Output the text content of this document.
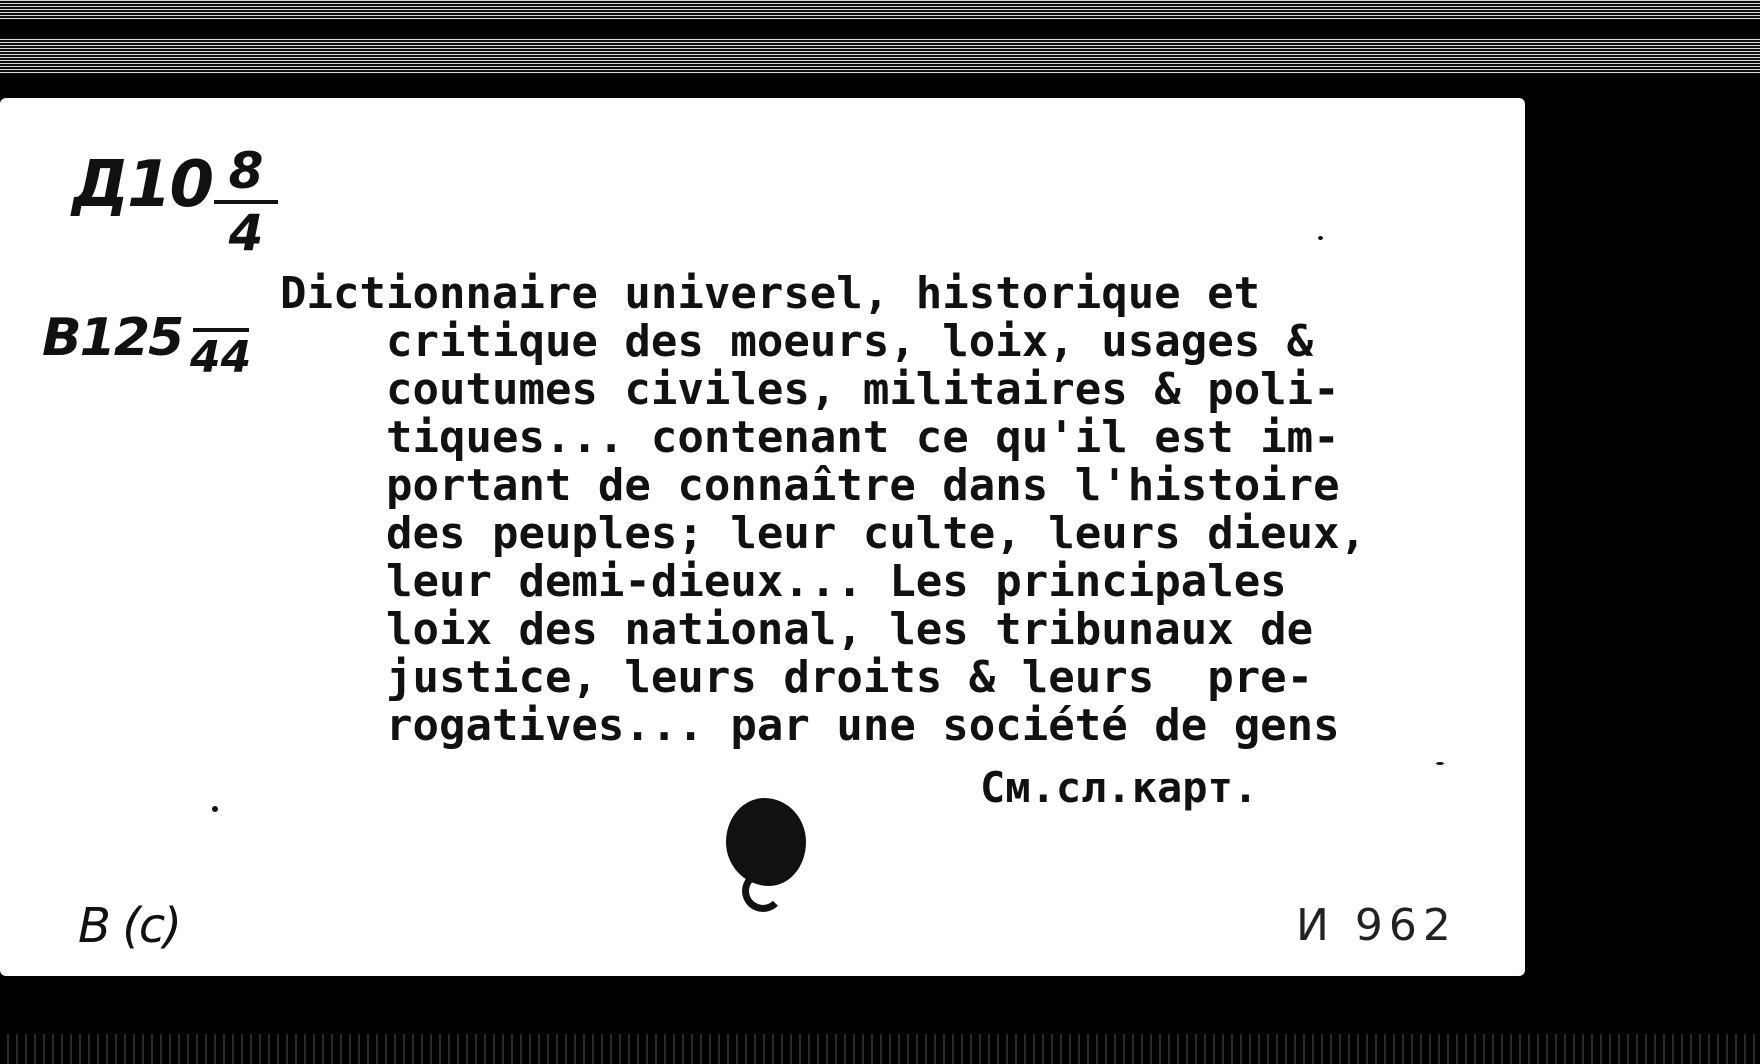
Д10 8
4
В125 44
Dictionnaire universel, historique et
critique des moeurs, loix, usages &
coutumes civiles, militaires & poli-
tiques... contenant ce qu'il est im-
portant de connaître dans l'histoire
des peuples; leur culte, leurs dieux,
leur demi-dieux... Les principales
loix des national, les tribunaux de
justice, leurs droits & leurs  pre-
rogatives... par une société de gens
См.сл.карт.
В (с)	И 962
